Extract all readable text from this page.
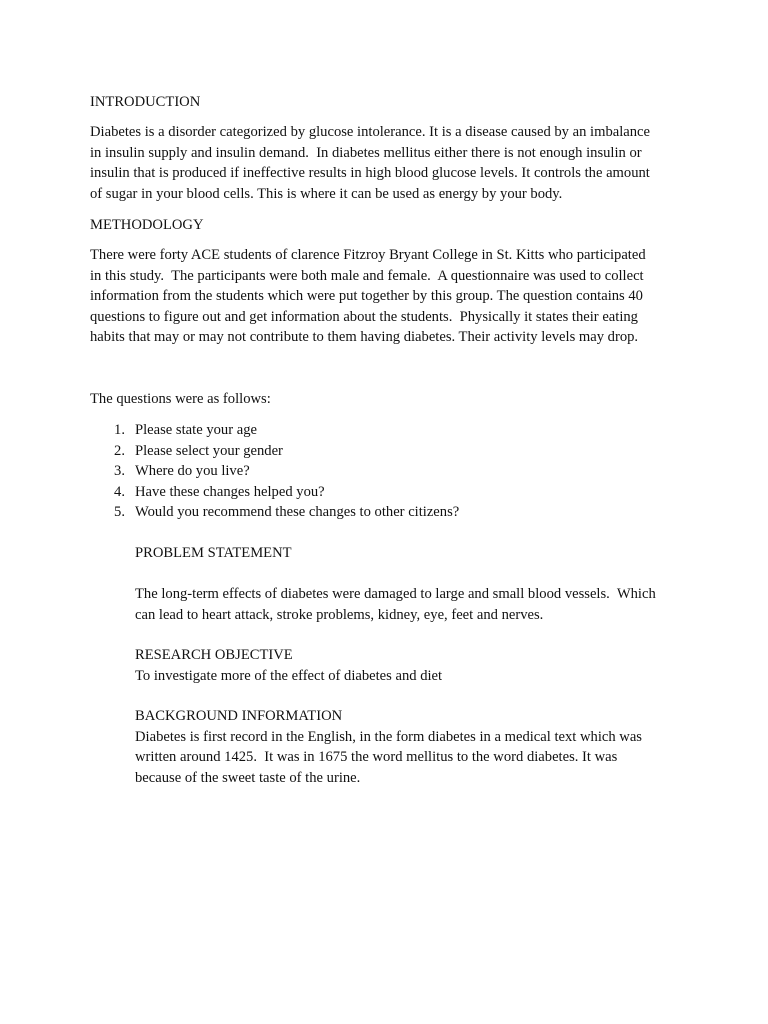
INTRODUCTION

Diabetes is a disorder categorized by glucose intolerance. It is a disease caused by an imbalance
in insulin supply and insulin demand.  In diabetes mellitus either there is not enough insulin or
insulin that is produced if ineffective results in high blood glucose levels. It controls the amount
of sugar in your blood cells. This is where it can be used as energy by your body.

METHODOLOGY

There were forty ACE students of clarence Fitzroy Bryant College in St. Kitts who participated
in this study.  The participants were both male and female.  A questionnaire was used to collect
information from the students which were put together by this group. The question contains 40
questions to figure out and get information about the students.  Physically it states their eating
habits that may or may not contribute to them having diabetes. Their activity levels may drop.

The questions were as follows:

1. Please state your age
2. Please select your gender
3. Where do you live?
4. Have these changes helped you?
5. Would you recommend these changes to other citizens?

PROBLEM STATEMENT

The long-term effects of diabetes were damaged to large and small blood vessels.  Which
can lead to heart attack, stroke problems, kidney, eye, feet and nerves.

RESEARCH OBJECTIVE
To investigate more of the effect of diabetes and diet

BACKGROUND INFORMATION
Diabetes is first record in the English, in the form diabetes in a medical text which was
written around 1425.  It was in 1675 the word mellitus to the word diabetes. It was
because of the sweet taste of the urine.
